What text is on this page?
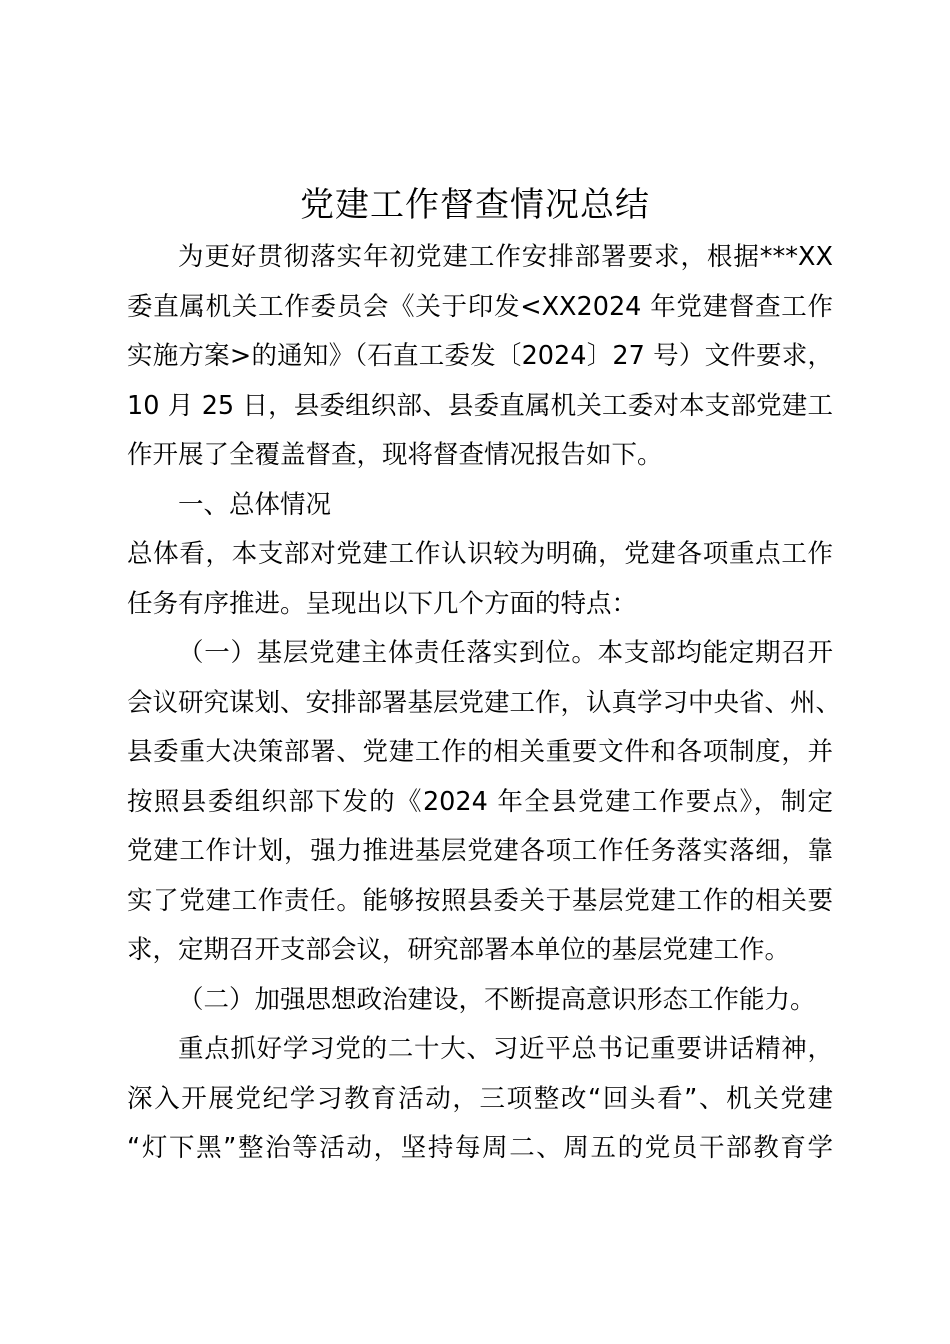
党建工作督查情况总结
为更好贯彻落实年初党建工作安排部署要求，根据***XX
委直属机关工作委员会《关于印发<XX2024 年党建督查工作
实施方案>的通知》（石直工委发〔2024〕27 号）文件要求，
10 月 25 日，县委组织部、县委直属机关工委对本支部党建工
作开展了全覆盖督查，现将督查情况报告如下。
一、总体情况
总体看，本支部对党建工作认识较为明确，党建各项重点工作
任务有序推进。呈现出以下几个方面的特点：
（一）基层党建主体责任落实到位。本支部均能定期召开
会议研究谋划、安排部署基层党建工作，认真学习中央省、州、
县委重大决策部署、党建工作的相关重要文件和各项制度，并
按照县委组织部下发的《2024 年全县党建工作要点》，制定
党建工作计划，强力推进基层党建各项工作任务落实落细，靠
实了党建工作责任。能够按照县委关于基层党建工作的相关要
求，定期召开支部会议，研究部署本单位的基层党建工作。
（二）加强思想政治建设，不断提高意识形态工作能力。
重点抓好学习党的二十大、习近平总书记重要讲话精神，
深入开展党纪学习教育活动，三项整改“回头看”、机关党建
“灯下黑”整治等活动，坚持每周二、周五的党员干部教育学
